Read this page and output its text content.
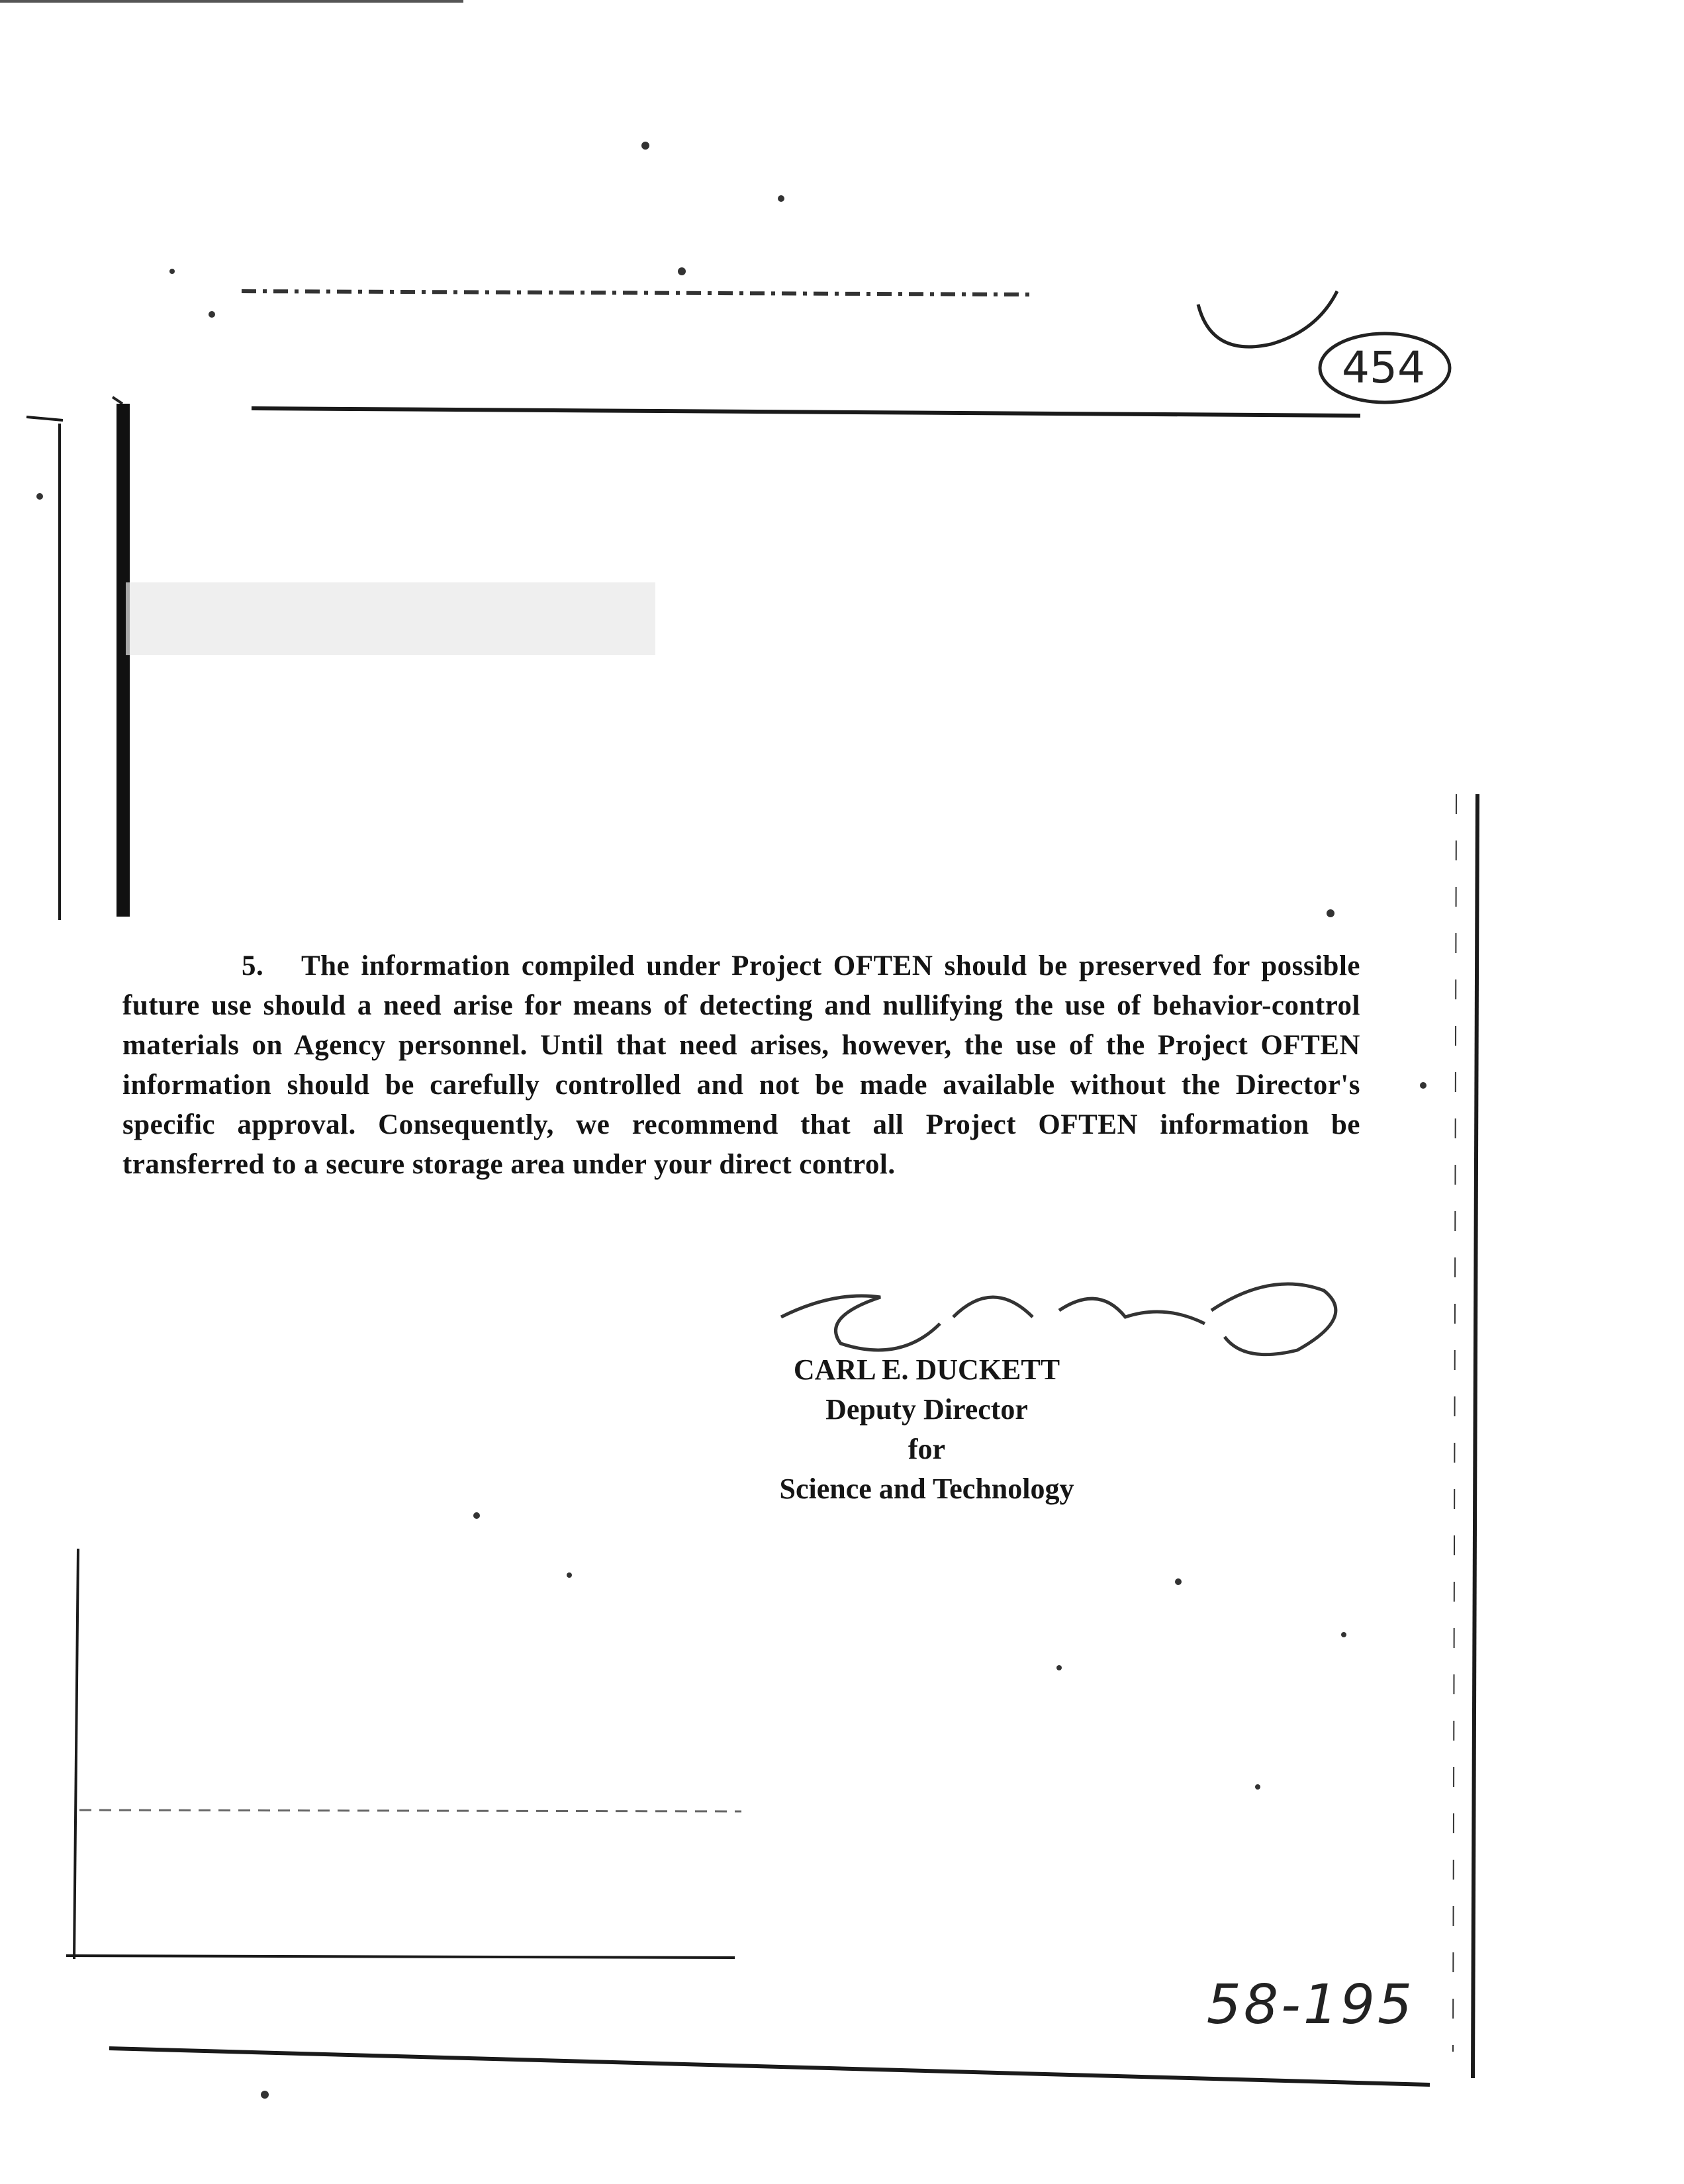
454
5. The information compiled under Project OFTEN should be preserved for possible future use should a need arise for means of detecting and nullifying the use of behavior-control materials on Agency personnel. Until that need arises, however, the use of the Project OFTEN information should be carefully controlled and not be made available without the Director's specific approval. Consequently, we recommend that all Project OFTEN information be transferred to a secure storage area under your direct control.
CARL E. DUCKETT
Deputy Director
for
Science and Technology
58-195
